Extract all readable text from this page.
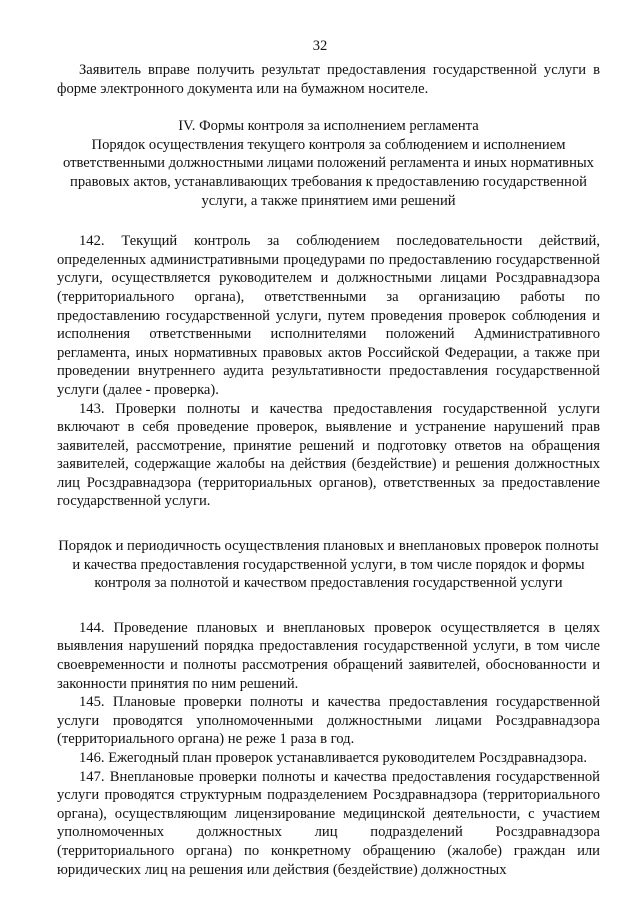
32

Заявитель вправе получить результат предоставления государственной услуги в форме электронного документа или на бумажном носителе.

IV. Формы контроля за исполнением регламента

Порядок осуществления текущего контроля за соблюдением и исполнением ответственными должностными лицами положений регламента и иных нормативных правовых актов, устанавливающих требования к предоставлению государственной услуги, а также принятием ими решений

142. Текущий контроль за соблюдением последовательности действий, определенных административными процедурами по предоставлению государственной услуги, осуществляется руководителем и должностными лицами Росздравнадзора (территориального органа), ответственными за организацию работы по предоставлению государственной услуги, путем проведения проверок соблюдения и исполнения ответственными исполнителями положений Административного регламента, иных нормативных правовых актов Российской Федерации, а также при проведении внутреннего аудита результативности предоставления государственной услуги (далее - проверка).

143. Проверки полноты и качества предоставления государственной услуги включают в себя проведение проверок, выявление и устранение нарушений прав заявителей, рассмотрение, принятие решений и подготовку ответов на обращения заявителей, содержащие жалобы на действия (бездействие) и решения должностных лиц Росздравнадзора (территориальных органов), ответственных за предоставление государственной услуги.

Порядок и периодичность осуществления плановых и внеплановых проверок полноты и качества предоставления государственной услуги, в том числе порядок и формы контроля за полнотой и качеством предоставления государственной услуги

144. Проведение плановых и внеплановых проверок осуществляется в целях выявления нарушений порядка предоставления государственной услуги, в том числе своевременности и полноты рассмотрения обращений заявителей, обоснованности и законности принятия по ним решений.

145. Плановые проверки полноты и качества предоставления государственной услуги проводятся уполномоченными должностными лицами Росздравнадзора (территориального органа) не реже 1 раза в год.

146. Ежегодный план проверок устанавливается руководителем Росздравнадзора.

147. Внеплановые проверки полноты и качества предоставления государственной услуги проводятся структурным подразделением Росздравнадзора (территориального органа), осуществляющим лицензирование медицинской деятельности, с участием уполномоченных должностных лиц подразделений Росздравнадзора (территориального органа) по конкретному обращению (жалобе) граждан или юридических лиц на решения или действия (бездействие) должностных
